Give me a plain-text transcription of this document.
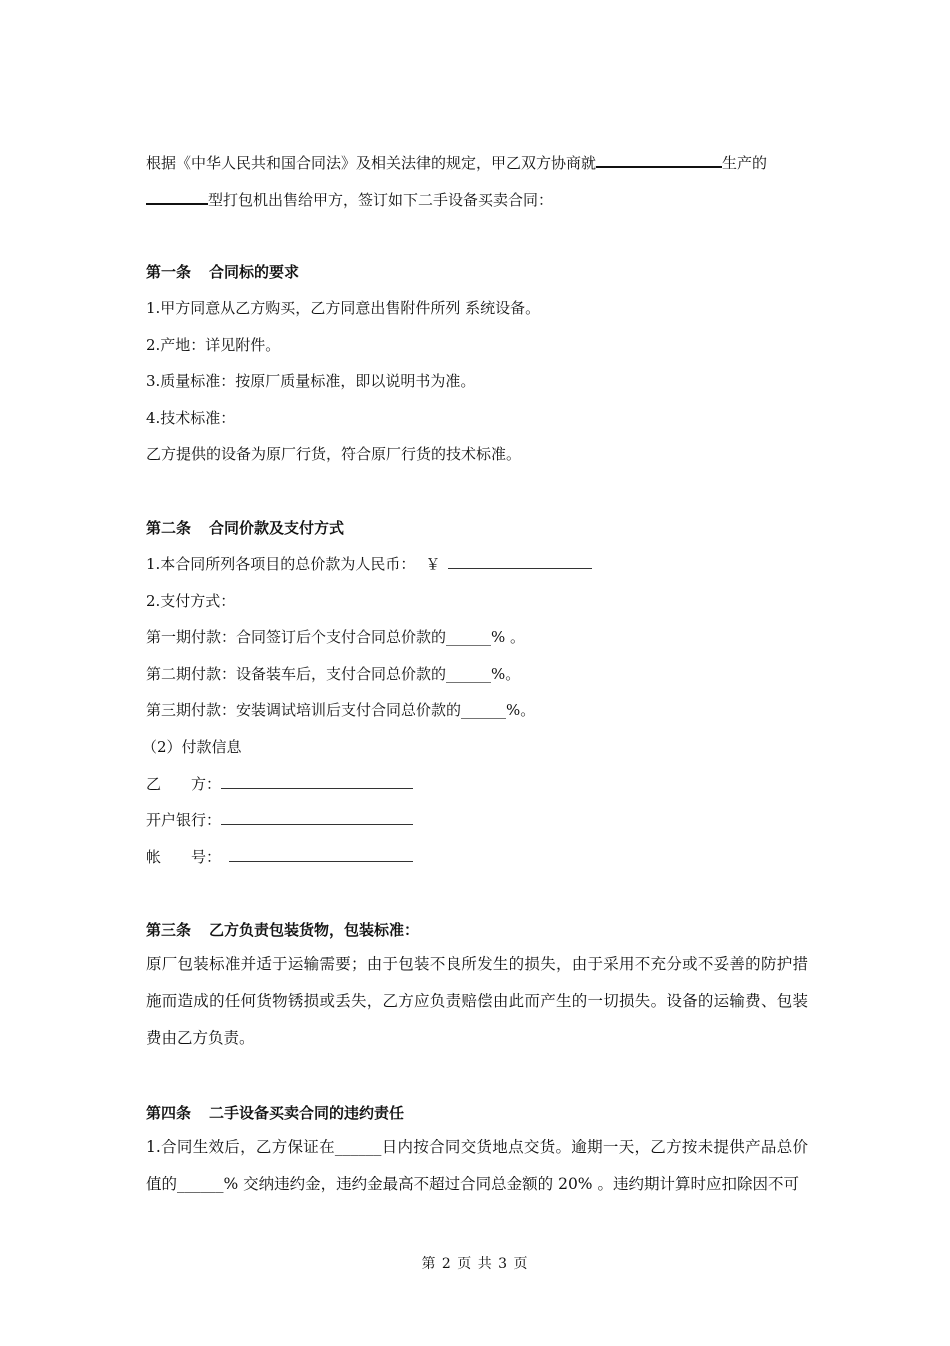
根据《中华人民共和国合同法》及相关法律的规定，甲乙双方协商就	生产的
型打包机出售给甲方，签订如下二手设备买卖合同：
第一条 合同标的要求
1.甲方同意从乙方购买，乙方同意出售附件所列 系统设备。
2.产地：详见附件。
3.质量标准：按原厂质量标准，即以说明书为准。
4.技术标准：
乙方提供的设备为原厂行货，符合原厂行货的技术标准。
第二条 合同价款及支付方式
1.本合同所列各项目的总价款为人民币： ￥
2.支付方式：
第一期付款：合同签订后个支付合同总价款的______% 。
第二期付款：设备装车后，支付合同总价款的______%。
第三期付款：安装调试培训后支付合同总价款的______%。
（2）付款信息
乙　　方：
开户银行：
帐　　号：
第三条 乙方负责包装货物，包装标准：
原厂包装标准并适于运输需要；由于包装不良所发生的损失，由于采用不充分或不妥善的防护措施而造成的任何货物锈损或丢失，乙方应负责赔偿由此而产生的一切损失。设备的运输费、包装费由乙方负责。
第四条 二手设备买卖合同的违约责任
1.合同生效后，乙方保证在______日内按合同交货地点交货。逾期一天，乙方按未提供产品总价值的______% 交纳违约金，违约金最高不超过合同总金额的 20% 。违约期计算时应扣除因不可
第 2 页 共 3 页
